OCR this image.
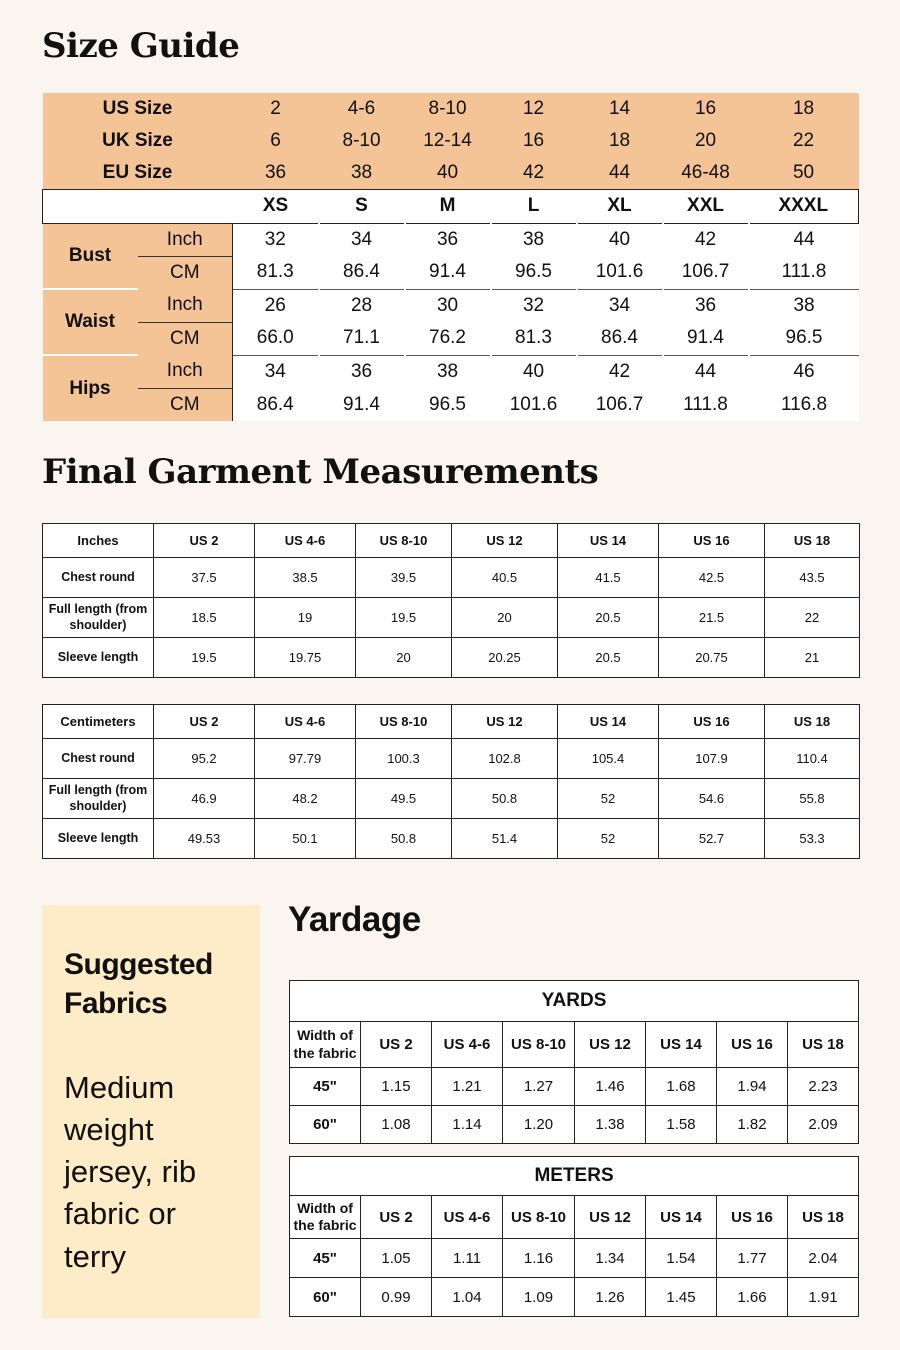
Size Guide
US Size		2	4-6	8-10	12	14	16	18
UK Size		6	8-10	12-14	16	18	20	22
EU Size		36	38	40	42	44	46-48	50
		XS	S	M	L	XL	XXL	XXXL
Bust	Inch	32	34	36	38	40	42	44
	CM	81.3	86.4	91.4	96.5	101.6	106.7	111.8
Waist	Inch	26	28	30	32	34	36	38
	CM	66.0	71.1	76.2	81.3	86.4	91.4	96.5
Hips	Inch	34	36	38	40	42	44	46
	CM	86.4	91.4	96.5	101.6	106.7	111.8	116.8
Final Garment Measurements
Inches	US 2	US 4-6	US 8-10	US 12	US 14	US 16	US 18
Chest round	37.5	38.5	39.5	40.5	41.5	42.5	43.5
Full length (from shoulder)	18.5	19	19.5	20	20.5	21.5	22
Sleeve length	19.5	19.75	20	20.25	20.5	20.75	21
Centimeters	US 2	US 4-6	US 8-10	US 12	US 14	US 16	US 18
Chest round	95.2	97.79	100.3	102.8	105.4	107.9	110.4
Full length (from shoulder)	46.9	48.2	49.5	50.8	52	54.6	55.8
Sleeve length	49.53	50.1	50.8	51.4	52	52.7	53.3
Suggested Fabrics
Medium weight jersey, rib fabric or terry
Yardage
YARDS							
Width of the fabric	US 2	US 4-6	US 8-10	US 12	US 14	US 16	US 18
45"	1.15	1.21	1.27	1.46	1.68	1.94	2.23
60"	1.08	1.14	1.20	1.38	1.58	1.82	2.09
METERS							
Width of the fabric	US 2	US 4-6	US 8-10	US 12	US 14	US 16	US 18
45"	1.05	1.11	1.16	1.34	1.54	1.77	2.04
60"	0.99	1.04	1.09	1.26	1.45	1.66	1.91
